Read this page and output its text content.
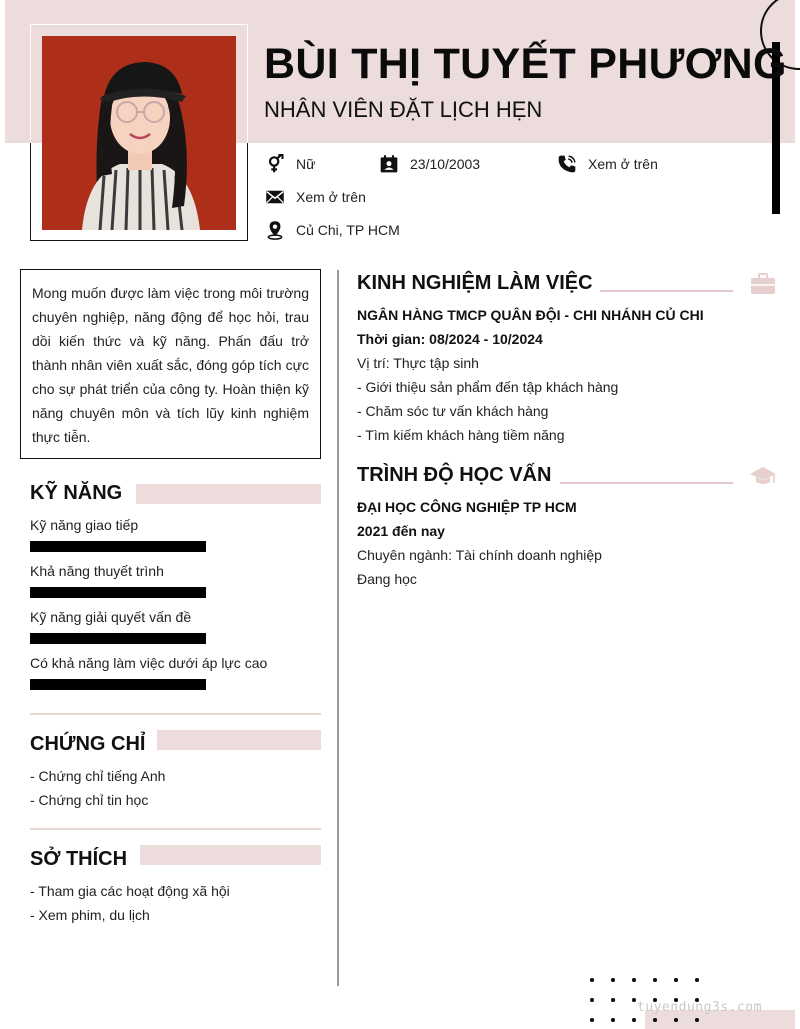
BÙI THỊ TUYẾT PHƯƠNG
NHÂN VIÊN ĐẶT LỊCH HẸN
Nữ	23/10/2003	Xem ở trên
Xem ở trên
Củ Chi, TP HCM

Mong muốn được làm việc trong môi trường chuyên nghiệp, năng động để học hỏi, trau dồi kiến thức và kỹ năng. Phấn đấu trở thành nhân viên xuất sắc, đóng góp tích cực cho sự phát triển của công ty. Hoàn thiện kỹ năng chuyên môn và tích lũy kinh nghiệm thực tiễn.

KỸ NĂNG
Kỹ năng giao tiếp
Khả năng thuyết trình
Kỹ năng giải quyết vấn đề
Có khả năng làm việc dưới áp lực cao
CHỨNG CHỈ
- Chứng chỉ tiếng Anh
- Chứng chỉ tin học
SỞ THÍCH
- Tham gia các hoạt động xã hội
- Xem phim, du lịch
KINH NGHIỆM LÀM VIỆC
NGÂN HÀNG TMCP QUÂN ĐỘI - CHI NHÁNH CỦ CHI
Thời gian: 08/2024 - 10/2024
Vị trí: Thực tập sinh
- Giới thiệu sản phẩm đến tập khách hàng
- Chăm sóc tư vấn khách hàng
- Tìm kiếm khách hàng tiềm năng
TRÌNH ĐỘ HỌC VẤN
ĐẠI HỌC CÔNG NGHIỆP TP HCM
2021 đến nay
Chuyên ngành: Tài chính doanh nghiệp
Đang học
tuyendung3s.com
